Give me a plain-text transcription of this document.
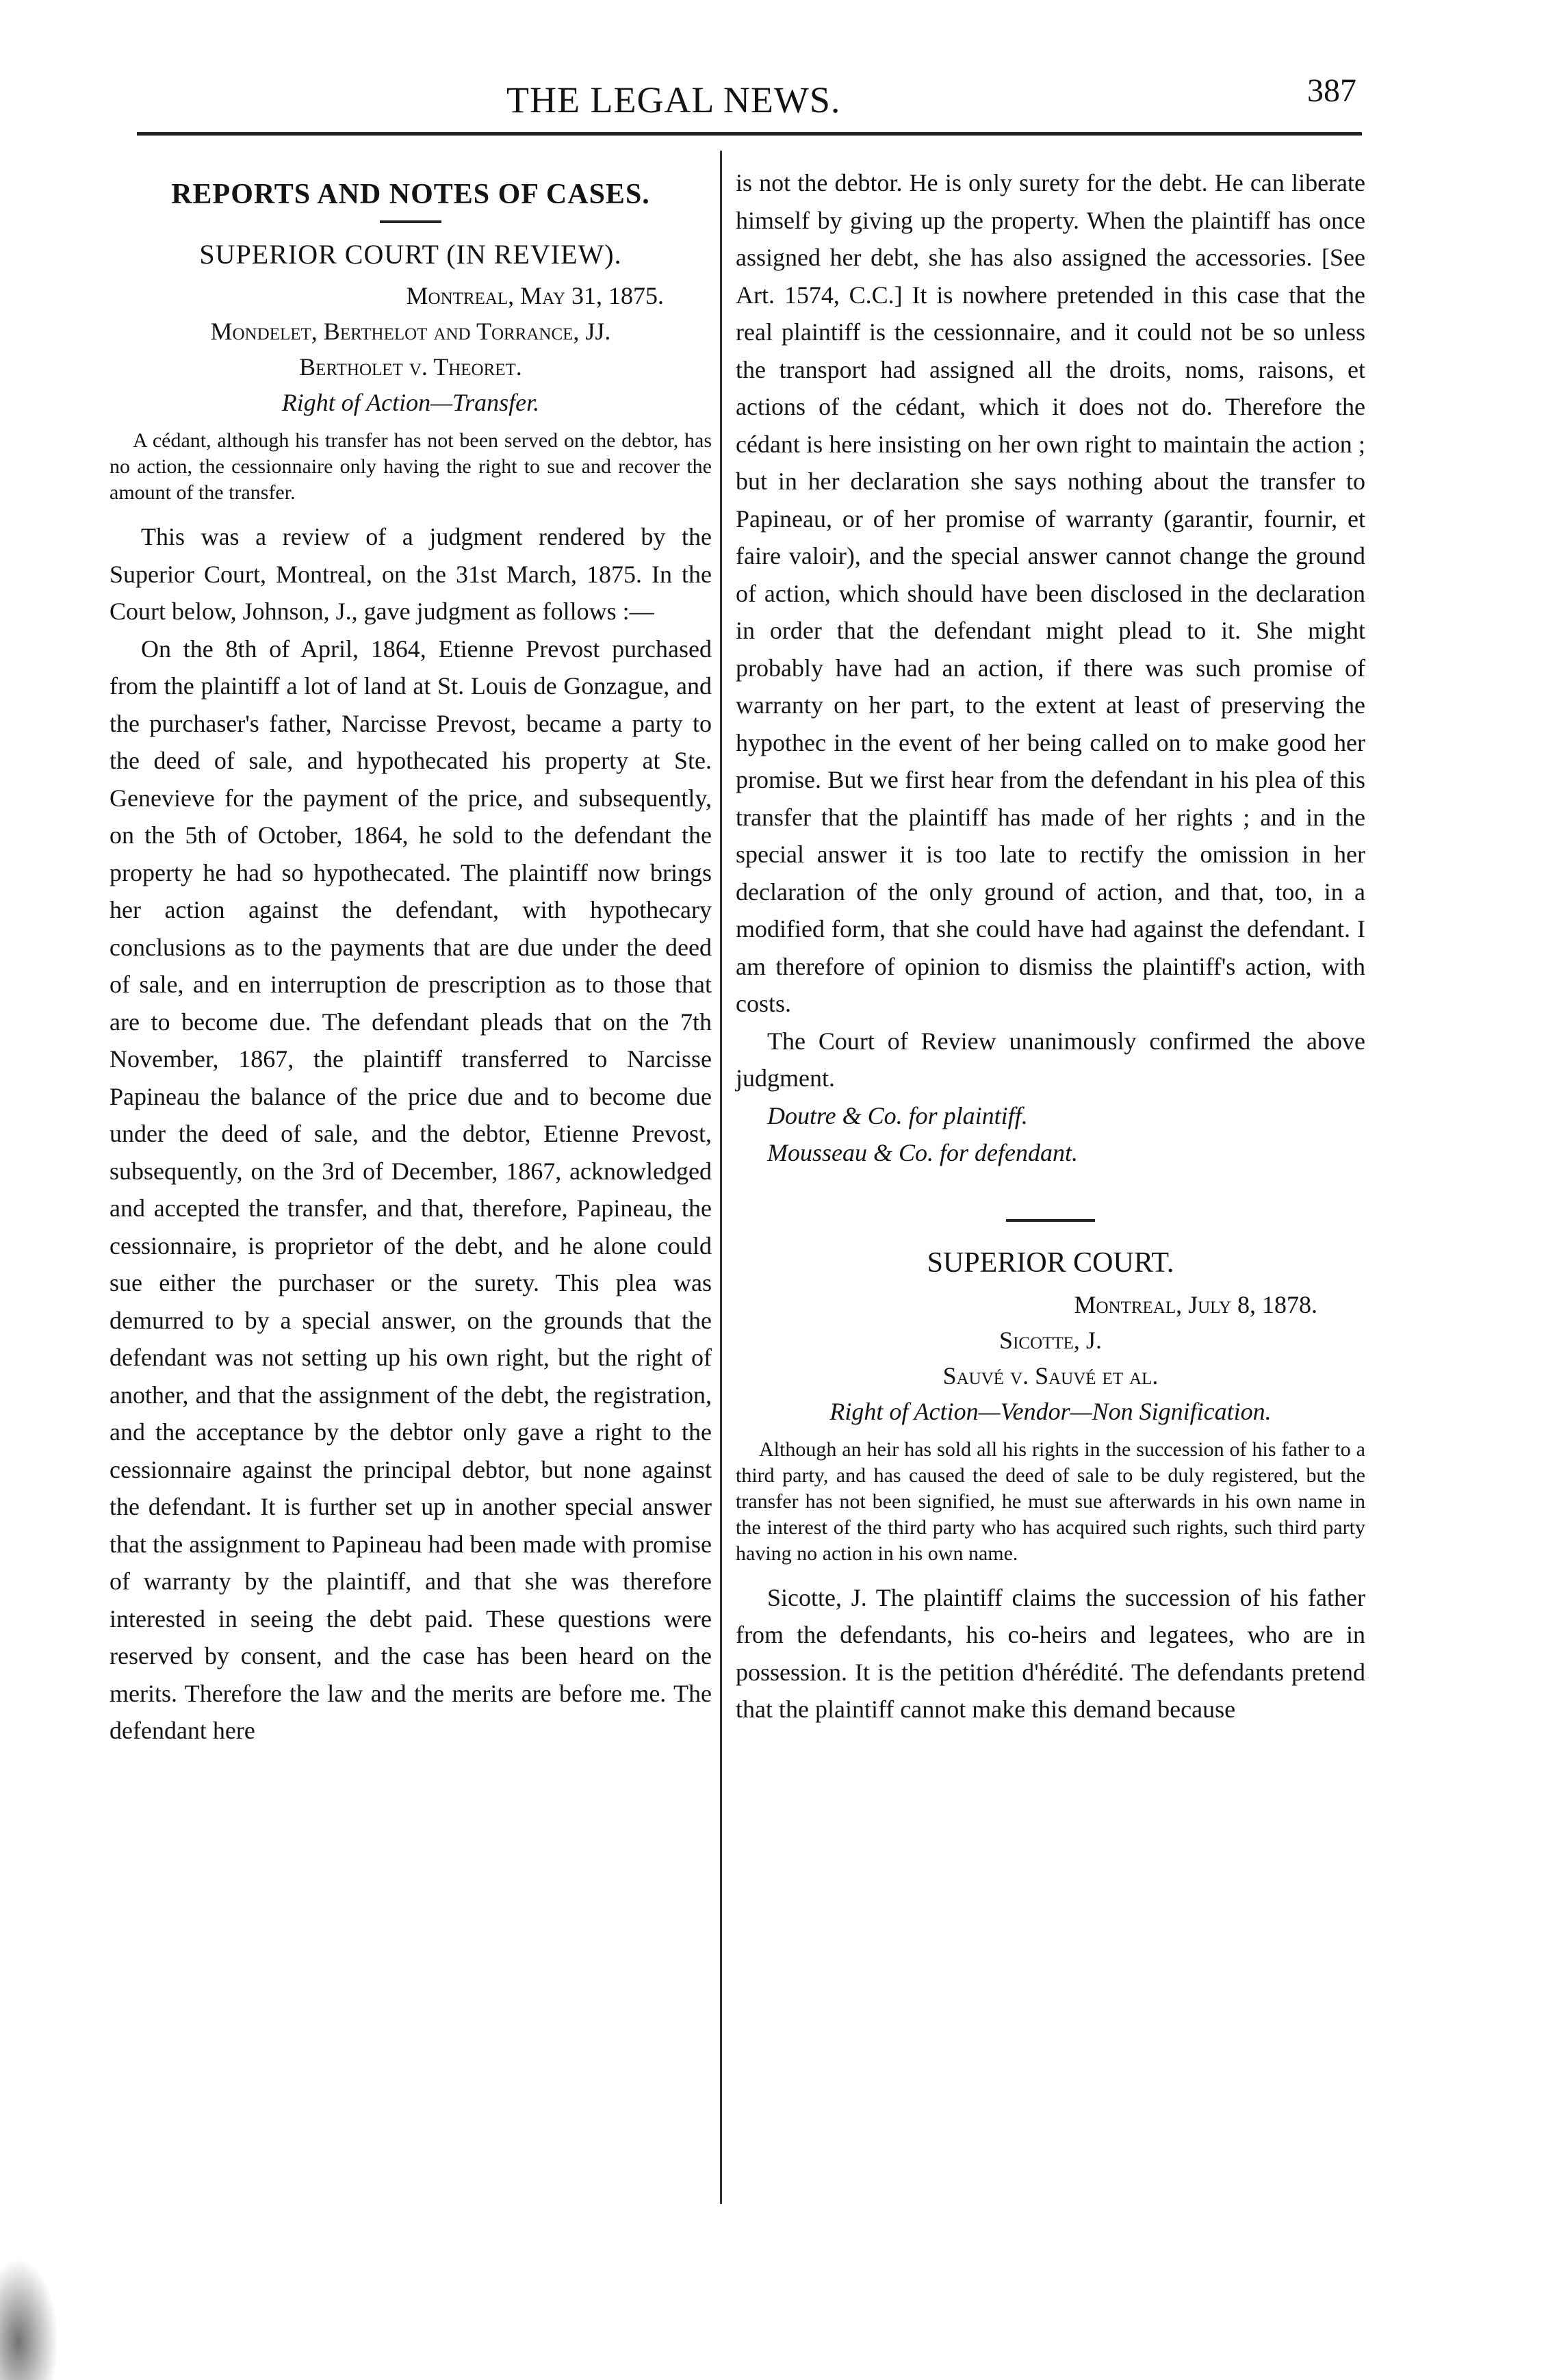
THE LEGAL NEWS.	387
REPORTS AND NOTES OF CASES.
SUPERIOR COURT (IN REVIEW).
Montreal, May 31, 1875.
Mondelet, Berthelot and Torrance, JJ.
Bertholet v. Theoret.
Right of Action—Transfer.

A cédant, although his transfer has not been served on the debtor, has no action, the cessionnaire only having the right to sue and recover the amount of the transfer.

This was a review of a judgment rendered by the Superior Court, Montreal, on the 31st March, 1875. In the Court below, Johnson, J., gave judgment as follows :—

On the 8th of April, 1864, Etienne Prevost purchased from the plaintiff a lot of land at St. Louis de Gonzague, and the purchaser's father, Narcisse Prevost, became a party to the deed of sale, and hypothecated his property at Ste. Genevieve for the payment of the price, and subsequently, on the 5th of October, 1864, he sold to the defendant the property he had so hypothecated. The plaintiff now brings her action against the defendant, with hypothecary conclusions as to the payments that are due under the deed of sale, and en interruption de prescription as to those that are to become due. The defendant pleads that on the 7th November, 1867, the plaintiff transferred to Narcisse Papineau the balance of the price due and to become due under the deed of sale, and the debtor, Etienne Prevost, subsequently, on the 3rd of December, 1867, acknowledged and accepted the transfer, and that, therefore, Papineau, the cessionnaire, is proprietor of the debt, and he alone could sue either the purchaser or the surety. This plea was demurred to by a special answer, on the grounds that the defendant was not setting up his own right, but the right of another, and that the assignment of the debt, the registration, and the acceptance by the debtor only gave a right to the cessionnaire against the principal debtor, but none against the defendant. It is further set up in another special answer that the assignment to Papineau had been made with promise of warranty by the plaintiff, and that she was therefore interested in seeing the debt paid. These questions were reserved by consent, and the case has been heard on the merits. Therefore the law and the merits are before me. The defendant here

is not the debtor. He is only surety for the debt. He can liberate himself by giving up the property. When the plaintiff has once assigned her debt, she has also assigned the accessories. [See Art. 1574, C.C.] It is nowhere pretended in this case that the real plaintiff is the cessionnaire, and it could not be so unless the transport had assigned all the droits, noms, raisons, et actions of the cédant, which it does not do. Therefore the cédant is here insisting on her own right to maintain the action ; but in her declaration she says nothing about the transfer to Papineau, or of her promise of warranty (garantir, fournir, et faire valoir), and the special answer cannot change the ground of action, which should have been disclosed in the declaration in order that the defendant might plead to it. She might probably have had an action, if there was such promise of warranty on her part, to the extent at least of preserving the hypothec in the event of her being called on to make good her promise. But we first hear from the defendant in his plea of this transfer that the plaintiff has made of her rights ; and in the special answer it is too late to rectify the omission in her declaration of the only ground of action, and that, too, in a modified form, that she could have had against the defendant. I am therefore of opinion to dismiss the plaintiff's action, with costs.

The Court of Review unanimously confirmed the above judgment.

Doutre & Co. for plaintiff.
Mousseau & Co. for defendant.
SUPERIOR COURT.
Montreal, July 8, 1878.
Sicotte, J.
Sauvé v. Sauvé et al.
Right of Action—Vendor—Non Signification.

Although an heir has sold all his rights in the succession of his father to a third party, and has caused the deed of sale to be duly registered, but the transfer has not been signified, he must sue afterwards in his own name in the interest of the third party who has acquired such rights, such third party having no action in his own name.

Sicotte, J. The plaintiff claims the succession of his father from the defendants, his co-heirs and legatees, who are in possession. It is the petition d'hérédité. The defendants pretend that the plaintiff cannot make this demand because
